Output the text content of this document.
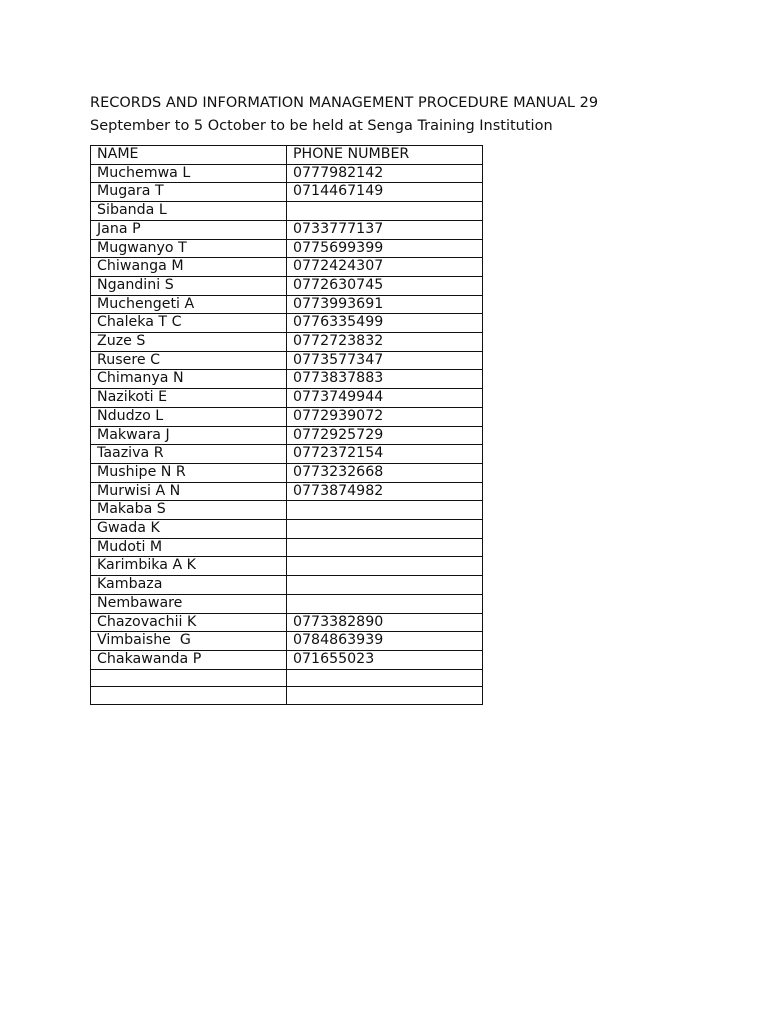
RECORDS AND INFORMATION MANAGEMENT PROCEDURE MANUAL 29
September to 5 October to be held at Senga Training Institution
NAME	PHONE NUMBER
Muchemwa L	0777982142
Mugara T	0714467149
Sibanda L	
Jana P	0733777137
Mugwanyo T	0775699399
Chiwanga M	0772424307
Ngandini S	0772630745
Muchengeti A	0773993691
Chaleka T C	0776335499
Zuze S	0772723832
Rusere C	0773577347
Chimanya N	0773837883
Nazikoti E	0773749944
Ndudzo L	0772939072
Makwara J	0772925729
Taaziva R	0772372154
Mushipe N R	0773232668
Murwisi A N	0773874982
Makaba S	
Gwada K	
Mudoti M	
Karimbika A K	
Kambaza	
Nembaware	
Chazovachii K	0773382890
Vimbaishe  G	0784863939
Chakawanda P	071655023
